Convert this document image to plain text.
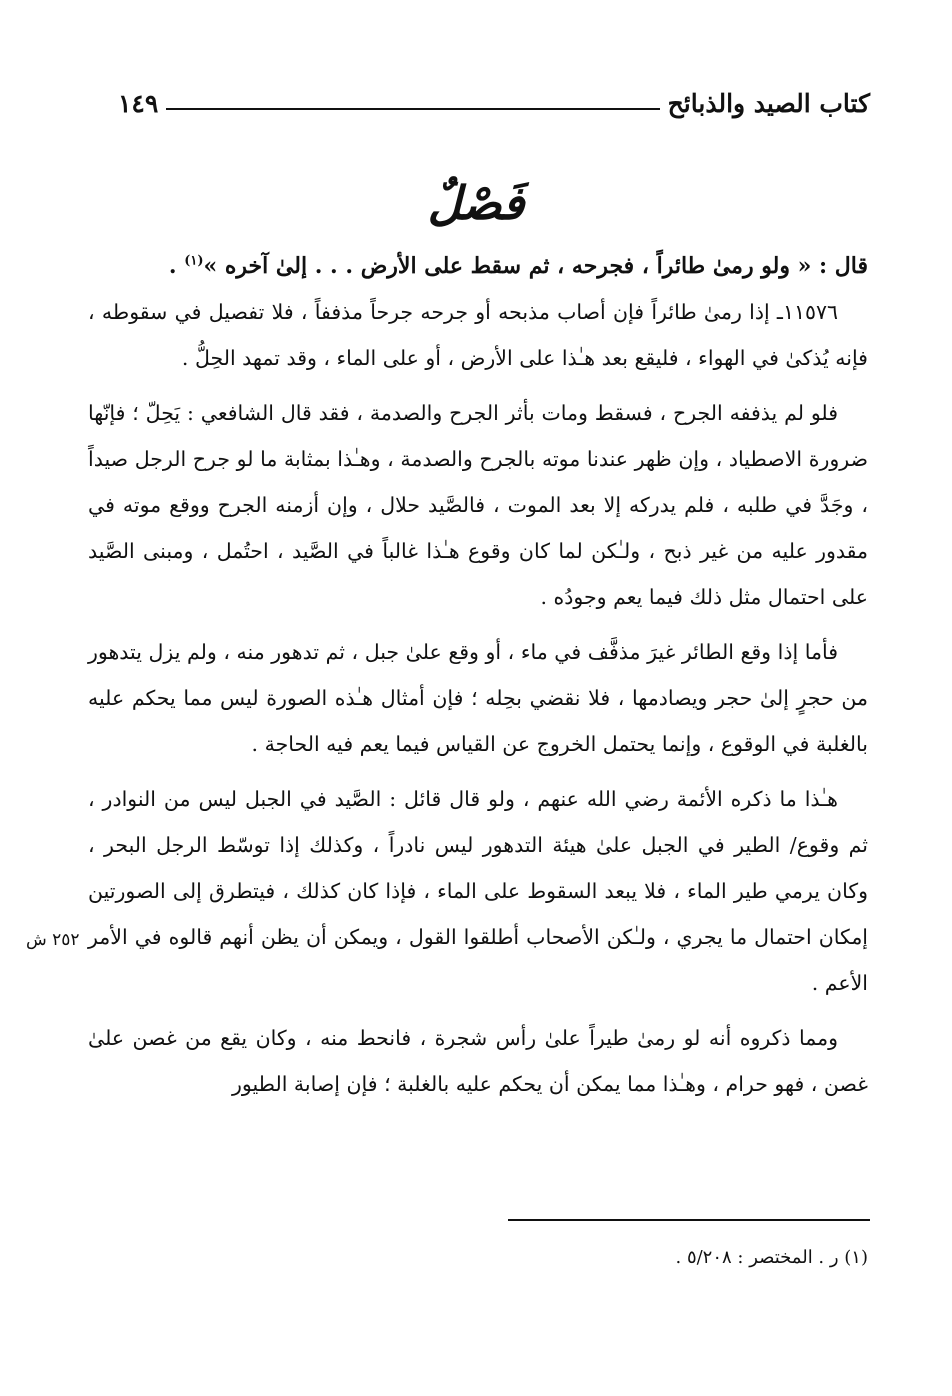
كتاب الصيد والذبائح
١٤٩
فَصْلٌ

قال : « ولو رمىٰ طائراً ، فجرحه ، ثم سقط على الأرض . . . إلىٰ آخره »$^{(١)}$ .

١١٥٧٦ـ إذا رمىٰ طائراً فإن أصاب مذبحه أو جرحه جرحاً مذففاً ، فلا تفصيل في سقوطه ، فإنه يُذكىٰ في الهواء ، فليقع بعد هـٰذا على الأرض ، أو على الماء ، وقد تمهد الحِلُّ .

فلو لم يذففه الجرح ، فسقط ومات بأثر الجرح والصدمة ، فقد قال الشافعي : يَحِلّ ؛ فإنّها ضرورة الاصطياد ، وإن ظهر عندنا موته بالجرح والصدمة ، وهـٰذا بمثابة ما لو جرح الرجل صيداً ، وجَدَّ في طلبه ، فلم يدركه إلا بعد الموت ، فالصَّيد حلال ، وإن أزمنه الجرح ووقع موته في مقدور عليه من غير ذبح ، ولـٰكن لما كان وقوع هـٰذا غالباً في الصَّيد ، احتُمل ، ومبنى الصَّيد على احتمال مثل ذلك فيما يعم وجودُه .

فأما إذا وقع الطائر غيرَ مذفَّف في ماء ، أو وقع علىٰ جبل ، ثم تدهور منه ، ولم يزل يتدهور من حجرٍ إلىٰ حجر ويصادمها ، فلا نقضي بحِله ؛ فإن أمثال هـٰذه الصورة ليس مما يحكم عليه بالغلبة في الوقوع ، وإنما يحتمل الخروج عن القياس فيما يعم فيه الحاجة .

هـٰذا ما ذكره الأئمة رضي الله عنهم ، ولو قال قائل : الصَّيد في الجبل ليس من النوادر ، ثم وقوع/ الطير في الجبل علىٰ هيئة التدهور ليس نادراً ، وكذلك إذا توسّط الرجل البحر ، وكان يرمي طير الماء ، فلا يبعد السقوط على الماء ، فإذا كان كذلك ، فيتطرق إلى الصورتين إمكان احتمال ما يجري ، ولـٰكن الأصحاب أطلقوا القول ، ويمكن أن يظن أنهم قالوه في الأمر الأعم .

ومما ذكروه أنه لو رمىٰ طيراً علىٰ رأس شجرة ، فانحط منه ، وكان يقع من غصن علىٰ غصن ، فهو حرام ، وهـٰذا مما يمكن أن يحكم عليه بالغلبة ؛ فإن إصابة الطيور

٢٥٢ ش
(١) ر . المختصر : ٥/٢٠٨ .
